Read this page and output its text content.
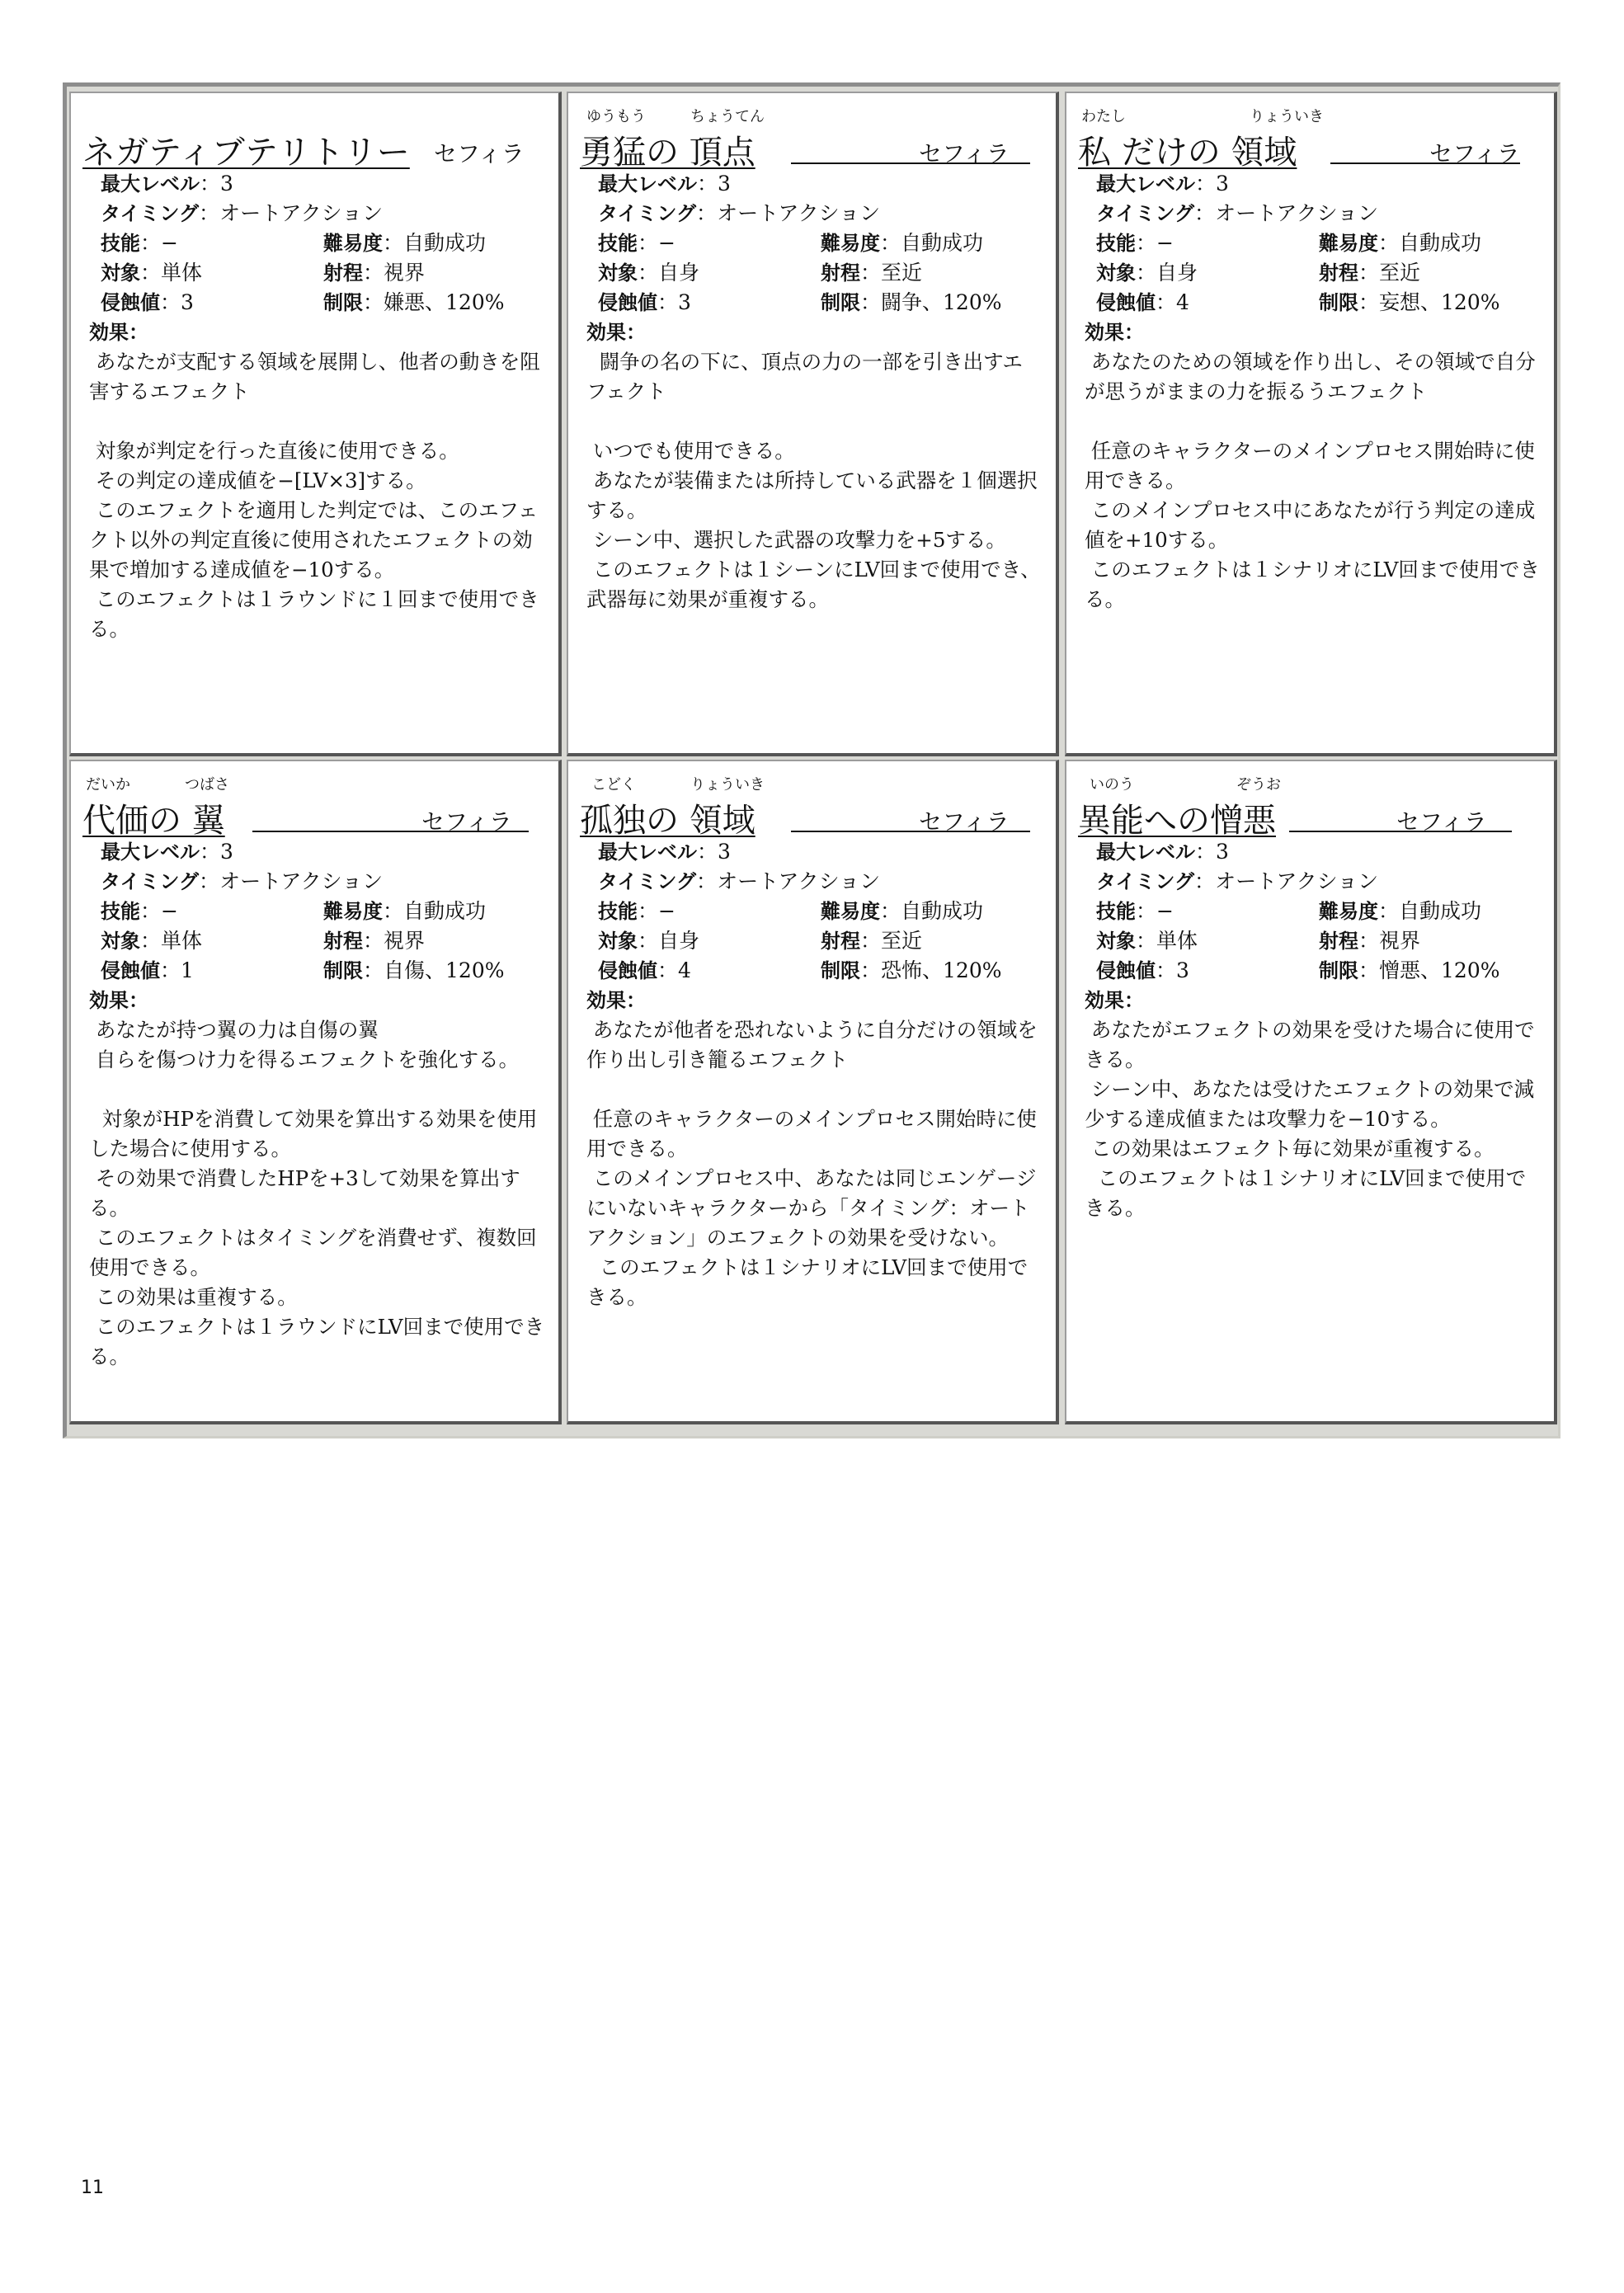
ネガティブテリトリー セフィラ
最大レベル：3
タイミング：オートアクション
技能：−	難易度：自動成功
対象：単体	射程：視界
侵蝕値：3	制限：嫌悪、120%
効果：
あなたが支配する領域を展開し、他者の動きを阻害するエフェクト

対象が判定を行った直後に使用できる。
その判定の達成値を−[LV×3]する。
このエフェクトを適用した判定では、このエフェクト以外の判定直後に使用されたエフェクトの効果で増加する達成値を−10する。
このエフェクトは１ラウンドに１回まで使用できる。
ゆうもう	ちょうてん
勇猛の 頂点	セフィラ
最大レベル：3
タイミング：オートアクション
技能：−	難易度：自動成功
対象：自身	射程：至近
侵蝕値：3	制限：闘争、120%
効果：
闘争の名の下に、頂点の力の一部を引き出すエフェクト

いつでも使用できる。
あなたが装備または所持している武器を１個選択する。
シーン中、選択した武器の攻撃力を+5する。
このエフェクトは１シーンにLV回まで使用でき、武器毎に効果が重複する。
わたし	りょういき
私 だけの 領域	セフィラ
最大レベル：3
タイミング：オートアクション
技能：−	難易度：自動成功
対象：自身	射程：至近
侵蝕値：4	制限：妄想、120%
効果：
あなたのための領域を作り出し、その領域で自分が思うがままの力を振るうエフェクト

任意のキャラクターのメインプロセス開始時に使用できる。
このメインプロセス中にあなたが行う判定の達成値を+10する。
このエフェクトは１シナリオにLV回まで使用できる。
だいか	つばさ
代価の 翼	セフィラ
最大レベル：3
タイミング：オートアクション
技能：−	難易度：自動成功
対象：単体	射程：視界
侵蝕値：1	制限：自傷、120%
効果：
あなたが持つ翼の力は自傷の翼
自らを傷つけ力を得るエフェクトを強化する。

対象がHPを消費して効果を算出する効果を使用した場合に使用する。
その効果で消費したHPを+3して効果を算出する。
このエフェクトはタイミングを消費せず、複数回使用できる。
この効果は重複する。
このエフェクトは１ラウンドにLV回まで使用できる。
こどく	りょういき
孤独の 領域	セフィラ
最大レベル：3
タイミング：オートアクション
技能：−	難易度：自動成功
対象：自身	射程：至近
侵蝕値：4	制限：恐怖、120%
効果：
あなたが他者を恐れないように自分だけの領域を作り出し引き籠るエフェクト

任意のキャラクターのメインプロセス開始時に使用できる。
このメインプロセス中、あなたは同じエンゲージにいないキャラクターから「タイミング：オートアクション」のエフェクトの効果を受けない。
このエフェクトは１シナリオにLV回まで使用できる。
いのう	ぞうお
異能への憎悪	セフィラ
最大レベル：3
タイミング：オートアクション
技能：−	難易度：自動成功
対象：単体	射程：視界
侵蝕値：3	制限：憎悪、120%
効果：
あなたがエフェクトの効果を受けた場合に使用できる。
シーン中、あなたは受けたエフェクトの効果で減少する達成値または攻撃力を−10する。
この効果はエフェクト毎に効果が重複する。
このエフェクトは１シナリオにLV回まで使用できる。
11
